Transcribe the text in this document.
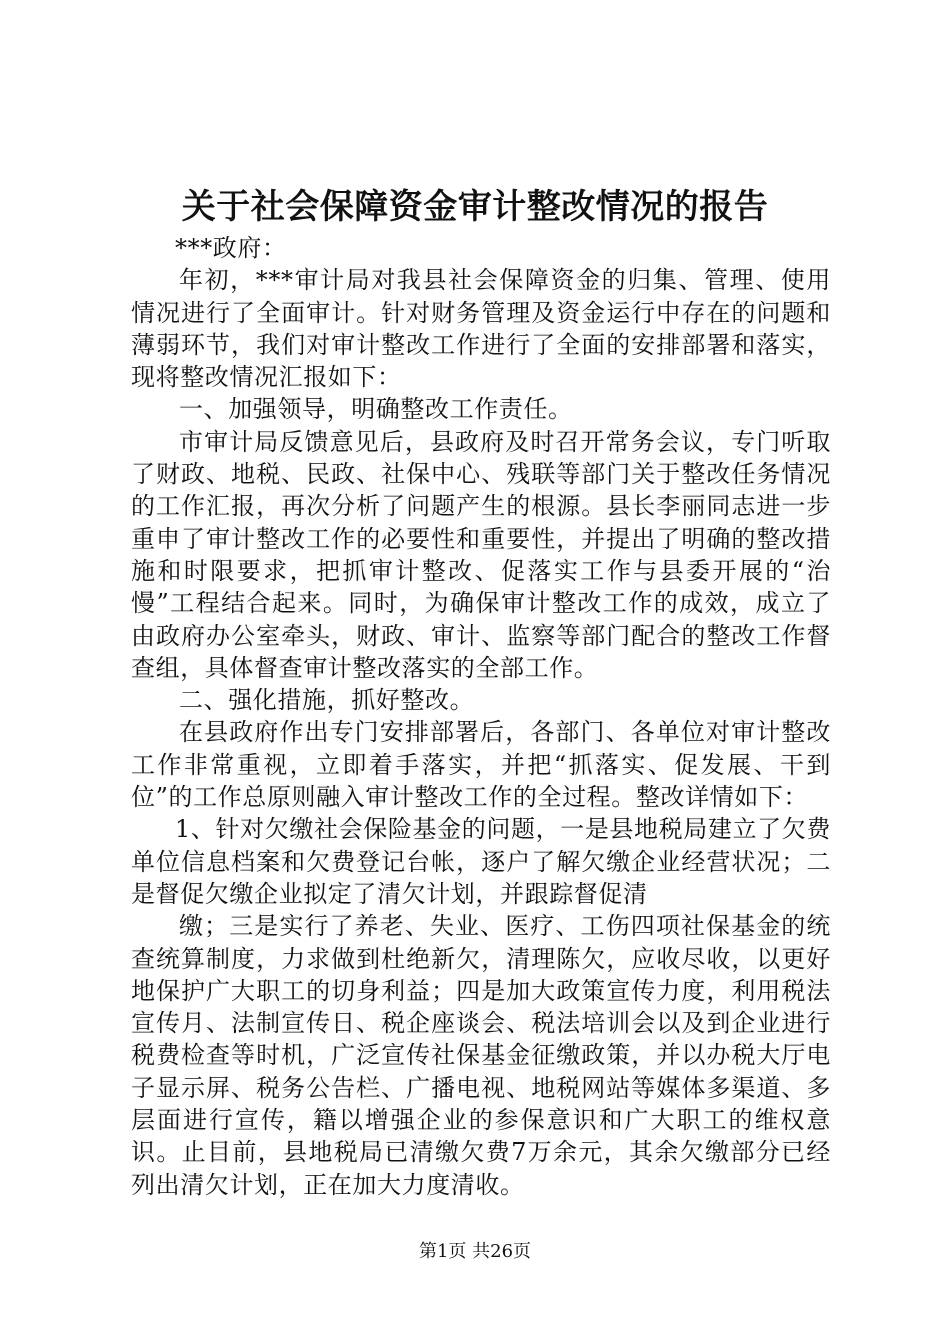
关于社会保障资金审计整改情况的报告

***政府：

年初，***审计局对我县社会保障资金的归集、管理、使用情况进行了全面审计。针对财务管理及资金运行中存在的问题和薄弱环节，我们对审计整改工作进行了全面的安排部署和落实，现将整改情况汇报如下：

一、加强领导，明确整改工作责任。

市审计局反馈意见后，县政府及时召开常务会议，专门听取了财政、地税、民政、社保中心、残联等部门关于整改任务情况的工作汇报，再次分析了问题产生的根源。县长李丽同志进一步重申了审计整改工作的必要性和重要性，并提出了明确的整改措施和时限要求，把抓审计整改、促落实工作与县委开展的“治慢”工程结合起来。同时，为确保审计整改工作的成效，成立了由政府办公室牵头，财政、审计、监察等部门配合的整改工作督查组，具体督查审计整改落实的全部工作。

二、强化措施，抓好整改。

在县政府作出专门安排部署后，各部门、各单位对审计整改工作非常重视，立即着手落实，并把“抓落实、促发展、干到位”的工作总原则融入审计整改工作的全过程。整改详情如下：

1、针对欠缴社会保险基金的问题，一是县地税局建立了欠费单位信息档案和欠费登记台帐，逐户了解欠缴企业经营状况；二是督促欠缴企业拟定了清欠计划，并跟踪督促清

缴；三是实行了养老、失业、医疗、工伤四项社保基金的统查统算制度，力求做到杜绝新欠，清理陈欠，应收尽收，以更好地保护广大职工的切身利益；四是加大政策宣传力度，利用税法宣传月、法制宣传日、税企座谈会、税法培训会以及到企业进行税费检查等时机，广泛宣传社保基金征缴政策，并以办税大厅电子显示屏、税务公告栏、广播电视、地税网站等媒体多渠道、多层面进行宣传，籍以增强企业的参保意识和广大职工的维权意识。止目前，县地税局已清缴欠费7万余元，其余欠缴部分已经列出清欠计划，正在加大力度清收。

第1页 共26页
